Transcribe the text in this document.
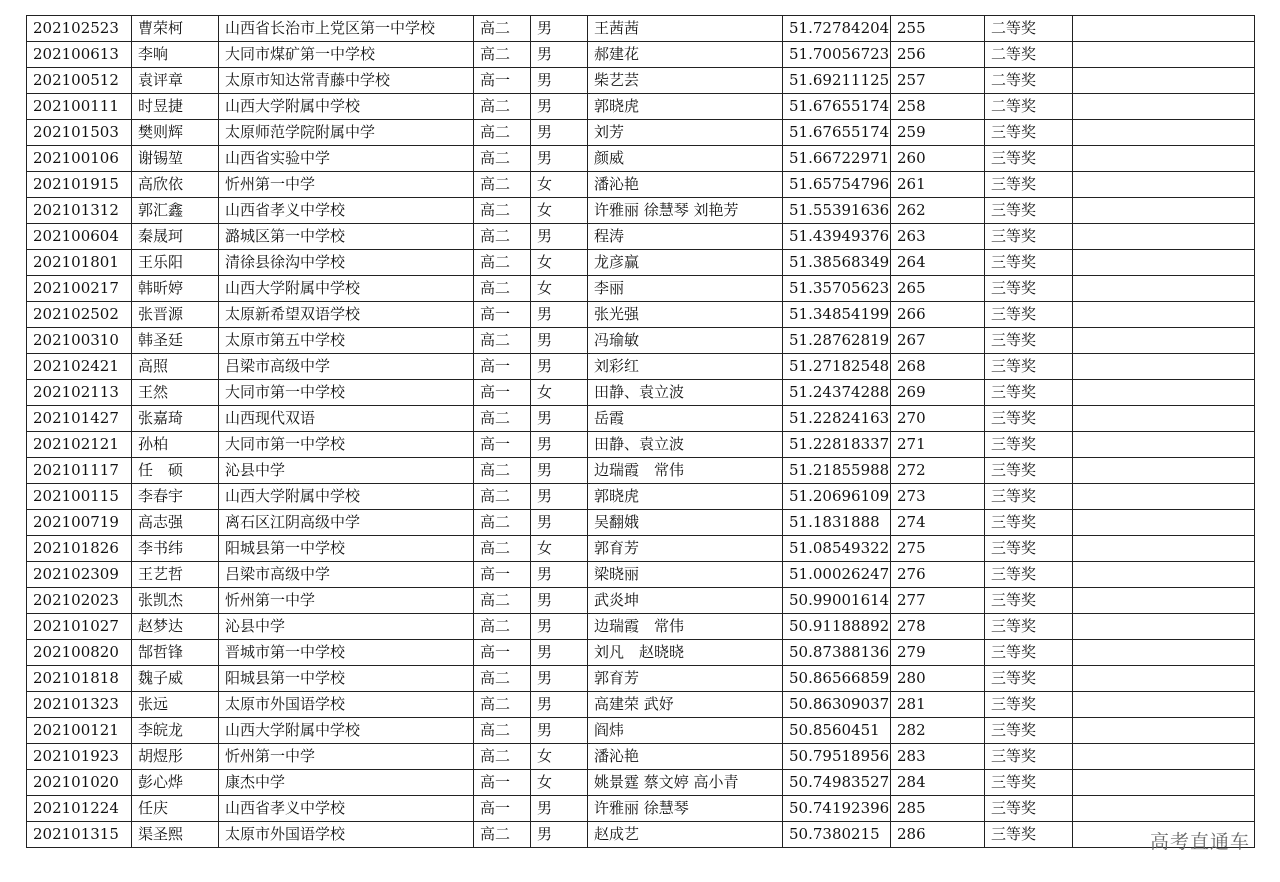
202102523	曹荣柯	山西省长治市上党区第一中学校	高二	男	王茜茜	51.72784204	255	二等奖	
202100613	李响	大同市煤矿第一中学校	高二	男	郝建花	51.70056723	256	二等奖	
202100512	袁评章	太原市知达常青藤中学校	高一	男	柴艺芸	51.69211125	257	二等奖	
202100111	时昱捷	山西大学附属中学校	高二	男	郭晓虎	51.67655174	258	二等奖	
202101503	樊则辉	太原师范学院附属中学	高二	男	刘芳	51.67655174	259	三等奖	
202100106	谢锡堃	山西省实验中学	高二	男	颜威	51.66722971	260	三等奖	
202101915	高欣依	忻州第一中学	高二	女	潘沁艳	51.65754796	261	三等奖	
202101312	郭汇鑫	山西省孝义中学校	高二	女	许雅丽 徐慧琴 刘艳芳	51.55391636	262	三等奖	
202100604	秦晟珂	潞城区第一中学校	高二	男	程涛	51.43949376	263	三等奖	
202101801	王乐阳	清徐县徐沟中学校	高二	女	龙彦赢	51.38568349	264	三等奖	
202100217	韩昕婷	山西大学附属中学校	高二	女	李丽	51.35705623	265	三等奖	
202102502	张晋源	太原新希望双语学校	高一	男	张光强	51.34854199	266	三等奖	
202100310	韩圣廷	太原市第五中学校	高二	男	冯瑜敏	51.28762819	267	三等奖	
202102421	高照	吕梁市高级中学	高一	男	刘彩红	51.27182548	268	三等奖	
202102113	王然	大同市第一中学校	高一	女	田静、袁立波	51.24374288	269	三等奖	
202101427	张嘉琦	山西现代双语	高二	男	岳霞	51.22824163	270	三等奖	
202102121	孙柏	大同市第一中学校	高一	男	田静、袁立波	51.22818337	271	三等奖	
202101117	任　硕	沁县中学	高二	男	边瑞霞　常伟	51.21855988	272	三等奖	
202100115	李春宇	山西大学附属中学校	高二	男	郭晓虎	51.20696109	273	三等奖	
202100719	高志强	离石区江阴高级中学	高二	男	吴翻娥	51.1831888	274	三等奖	
202101826	李书纬	阳城县第一中学校	高二	女	郭育芳	51.08549322	275	三等奖	
202102309	王艺哲	吕梁市高级中学	高一	男	梁晓丽	51.00026247	276	三等奖	
202102023	张凯杰	忻州第一中学	高二	男	武炎坤	50.99001614	277	三等奖	
202101027	赵梦达	沁县中学	高二	男	边瑞霞　常伟	50.91188892	278	三等奖	
202100820	郜哲锋	晋城市第一中学校	高一	男	刘凡　赵晓晓	50.87388136	279	三等奖	
202101818	魏子威	阳城县第一中学校	高二	男	郭育芳	50.86566859	280	三等奖	
202101323	张远	太原市外国语学校	高二	男	高建荣 武妤	50.86309037	281	三等奖	
202100121	李皖龙	山西大学附属中学校	高二	男	阎炜	50.8560451	282	三等奖	
202101923	胡煜彤	忻州第一中学	高二	女	潘沁艳	50.79518956	283	三等奖	
202101020	彭心烨	康杰中学	高一	女	姚景霆 蔡文婷 高小青	50.74983527	284	三等奖	
202101224	任庆	山西省孝义中学校	高一	男	许雅丽 徐慧琴	50.74192396	285	三等奖	
202101315	渠圣熙	太原市外国语学校	高二	男	赵成艺	50.7380215	286	三等奖		高考直通车
